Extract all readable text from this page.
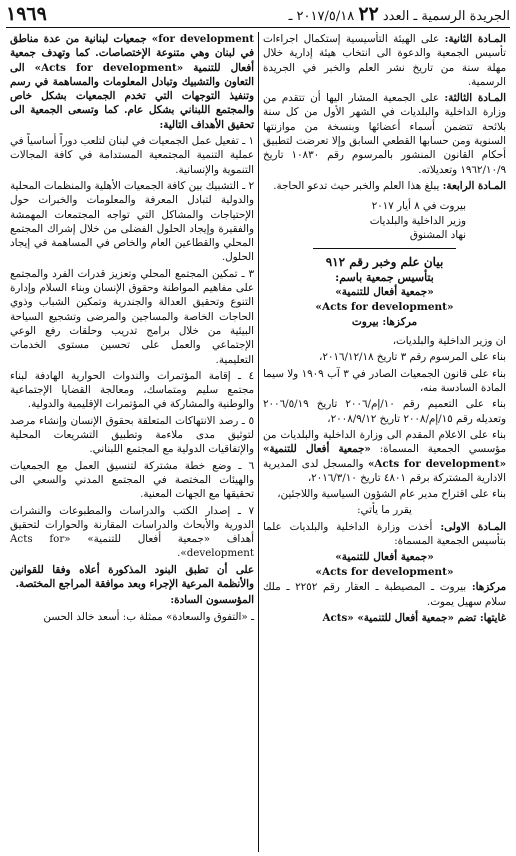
الجريدة الرسمية ـ العدد ٢٢ ٢٠١٧/٥/١٨ ـ
١٩٦٩

المـادة الثانية: على الهيئة التأسيسية إستكمال اجراءات تأسيس الجمعية والدعوة الى انتخاب هيئة إدارية خلال مهلة سنة من تاريخ نشر العلم والخبر في الجريدة الرسمية.

المـادة الثالثة: على الجمعية المشار اليها أن تتقدم من وزارة الداخلية والبلديات في الشهر الأول من كل سنة بلائحة تتضمن أسماء أعضائها وبنسخة من موازنتها السنوية ومن حسابها القطعي السابق وإلا تعرضت لتطبيق أحكام القانون المنشور بالمرسوم رقم ١٠٨٣٠ تاريخ ١٩٦٢/١٠/٩ وتعديلاته.

المـادة الرابعة: يبلغ هذا العلم والخبر حيث تدعو الحاجة.

بيروت في ٨ أيار ٢٠١٧

وزير الداخلية والبلديات

نهاد المشنوق

بيان علم وخبر رقم ٩١٢
بتأسيس جمعية باسم:
«جمعية أفعال للتنمية»
«Acts for development»
مركزها: بيروت

ان وزير الداخلية والبلديات،

بناء على المرسوم رقم ٣ تاريخ ٢٠١٦/١٢/١٨،

بناء على قانون الجمعيات الصادر في ٣ آب ١٩٠٩ ولا سيما المادة السادسة منه،

بناء على التعميم رقم ١٠/إم/٢٠٠٦ تاريخ ٢٠٠٦/٥/١٩ وتعديله رقم ١٥/إم/٢٠٠٨ تاريخ ٢٠٠٨/٩/١٢،

بناء على الاعلام المقدم الى وزارة الداخلية والبلديات من مؤسسي الجمعية المسماة: «جمعية أفعال للتنمية» «Acts for development» والمسجل لدى المديرية الادارية المشتركة برقم ٤٨٠١ تاريخ ٢٠١٦/٣/١٠،

بناء على اقتراح مدير عام الشؤون السياسية واللاجئين،

يقرر ما يأتي:

المـادة الاولى: أخذت وزارة الداخلية والبلديات علما بتأسيس الجمعية المسماة:

«جمعية أفعال للتنمية»
«Acts for development»

مركزها: بيروت ـ المصيطبة ـ العقار رقم ٢٢٥٢ ـ ملك سلام سهيل يموت.

غايتها: تضم «جمعية أفعال للتنمية» «Acts

for development» جمعيات لبنانية من عدة مناطق في لبنان وهي متنوعة الإختصاصات. كما وتهدف جمعية أفعال للتنمية «Acts for development» الى التعاون والتشبيك وتبادل المعلومات والمساهمة في رسم وتنفيذ التوجهات التي تخدم الجمعيات بشكل خاص والمجتمع اللبناني بشكل عام. كما وتسعى الجمعية الى تحقيق الأهداف التالية:

١ ـ تفعيل عمل الجمعيات في لبنان لتلعب دوراً أساسياً في عملية التنمية المجتمعية المستدامة في كافة المجالات التنموية والإنسانية.

٢ ـ التشبيك بين كافة الجمعيات الأهلية والمنظمات المحلية والدولية لتبادل المعرفة والمعلومات والخبرات حول الإحتياجات والمشاكل التي تواجه المجتمعات المهمشة والفقيرة وإيجاد الحلول الفضلى من خلال إشراك المجتمع المحلي والقطاعين العام والخاص في المساهمة في إيجاد الحلول.

٣ ـ تمكين المجتمع المحلي وتعزيز قدرات الفرد والمجتمع على مفاهيم المواطنة وحقوق الإنسان وبناء السلام وإدارة التنوع وتحقيق العدالة والجندرية وتمكين الشباب وذوي الحاجات الخاصة والمساجين والمرضى وتشجيع السياحة البيئية من خلال برامج تدريب وحلقات رفع الوعي الإجتماعي والعمل على تحسين مستوى الخدمات التعليمية.

٤ ـ إقامة المؤتمرات والندوات الحوارية الهادفة لبناء مجتمع سليم ومتماسك، ومعالجة القضايا الإجتماعية والوطنية والمشاركة في المؤتمرات الإقليمية والدولية.

٥ ـ رصد الانتهاكات المتعلقة بحقوق الإنسان وإنشاء مرصد لتوثيق مدى ملاءمة وتطبيق التشريعات المحلية والإتفاقيات الدولية مع المجتمع اللبناني.

٦ ـ وضع خطة مشتركة لتنسيق العمل مع الجمعيات والهيئات المختصة في المجتمع المدني والسعي الى تحقيقها مع الجهات المعنية.

٧ ـ إصدار الكتب والدراسات والمطبوعات والنشرات الدورية والأبحاث والدراسات المقارنة والحوارات لتحقيق أهداف «جمعية أفعال للتنمية» «Acts for development».

على أن تطبق البنود المذكورة أعلاه وفقا للقوانين والأنظمة المرعية الإجراء وبعد موافقة المراجع المختصة.

المؤسسون السادة:

ـ «التفوق والسعادة» ممثلة ب: أسعد خالد الحسن
